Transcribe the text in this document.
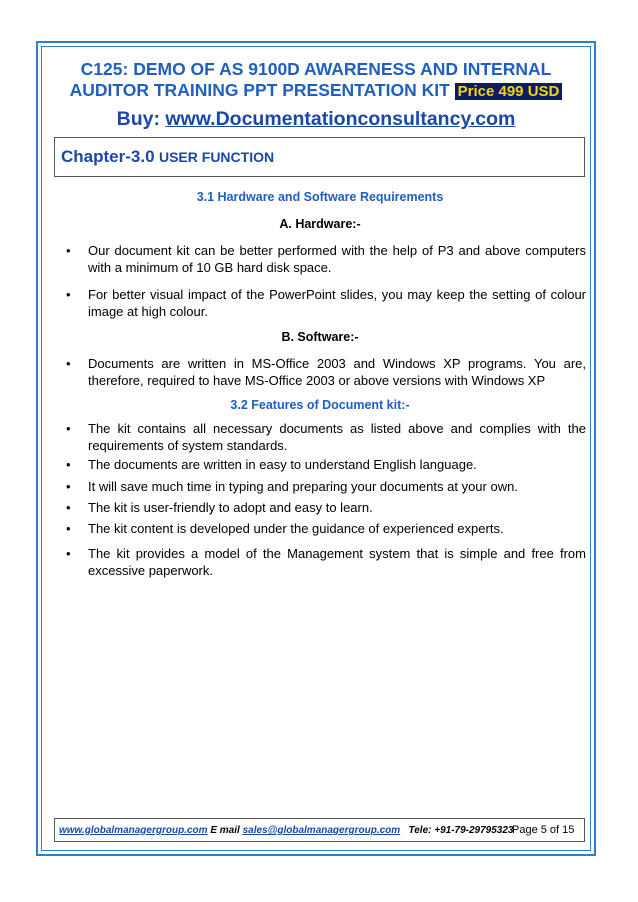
C125: DEMO OF AS 9100D AWARENESS AND INTERNAL
AUDITOR TRAINING PPT PRESENTATION KIT Price 499 USD
Buy: www.Documentationconsultancy.com
Chapter-3.0 USER FUNCTION
3.1 Hardware and Software Requirements
A. Hardware:-
•	Our document kit can be better performed with the help of P3 and above computers with a minimum of 10 GB hard disk space.
•	For better visual impact of the PowerPoint slides, you may keep the setting of colour image at high colour.
B. Software:-
•	Documents are written in MS-Office 2003 and Windows XP programs. You are, therefore, required to have MS-Office 2003 or above versions with Windows XP
3.2 Features of Document kit:-
•	The kit contains all necessary documents as listed above and complies with the requirements of system standards.
•	The documents are written in easy to understand English language.
•	It will save much time in typing and preparing your documents at your own.
•	The kit is user-friendly to adopt and easy to learn.
•	The kit content is developed under the guidance of experienced experts.
•	The kit provides a model of the Management system that is simple and free from excessive paperwork.
www.globalmanagergroup.com E mail sales@globalmanagergroup.com Tele: +91-79-29795323
Page 5 of 15
